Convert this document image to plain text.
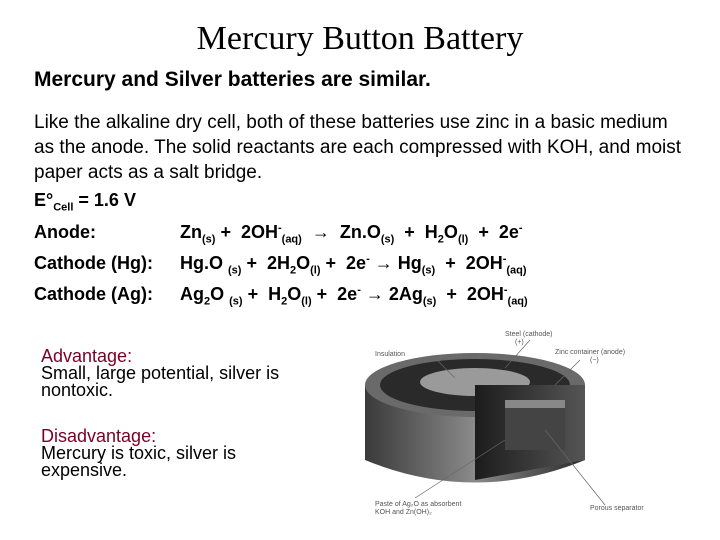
Mercury Button Battery
Mercury and Silver batteries are similar.
Like the alkaline dry cell, both of these batteries use zinc in a basic medium as the anode. The solid reactants are each compressed with KOH, and moist paper acts as a salt bridge.
$E^\circ_{Cell} = 1.6$ V
Anode:	$Zn_{(s)} + 2OH^-_{(aq)} \to Zn.O_{(s)} + H_2O_{(l)} + 2e^-$
Cathode (Hg): Hg.O $_{(s)} + 2H_2O_{(l)} + 2e^- \to Hg_{(s)} + 2OH^-_{(aq)}$
Cathode (Ag): $Ag_2O$ $_{(s)} + H_2O_{(l)} + 2e^- \to 2Ag_{(s)} + 2OH^-_{(aq)}$
Advantage:
Small, large potential, silver is nontoxic.
Disadvantage:
Mercury is toxic, silver is expensive.
Steel (cathode)
(+)
Insulation	Zinc container (anode)
(−)
Paste of Ag₂O as absorbent
KOH and Zn(OH)₂
Porous separator
